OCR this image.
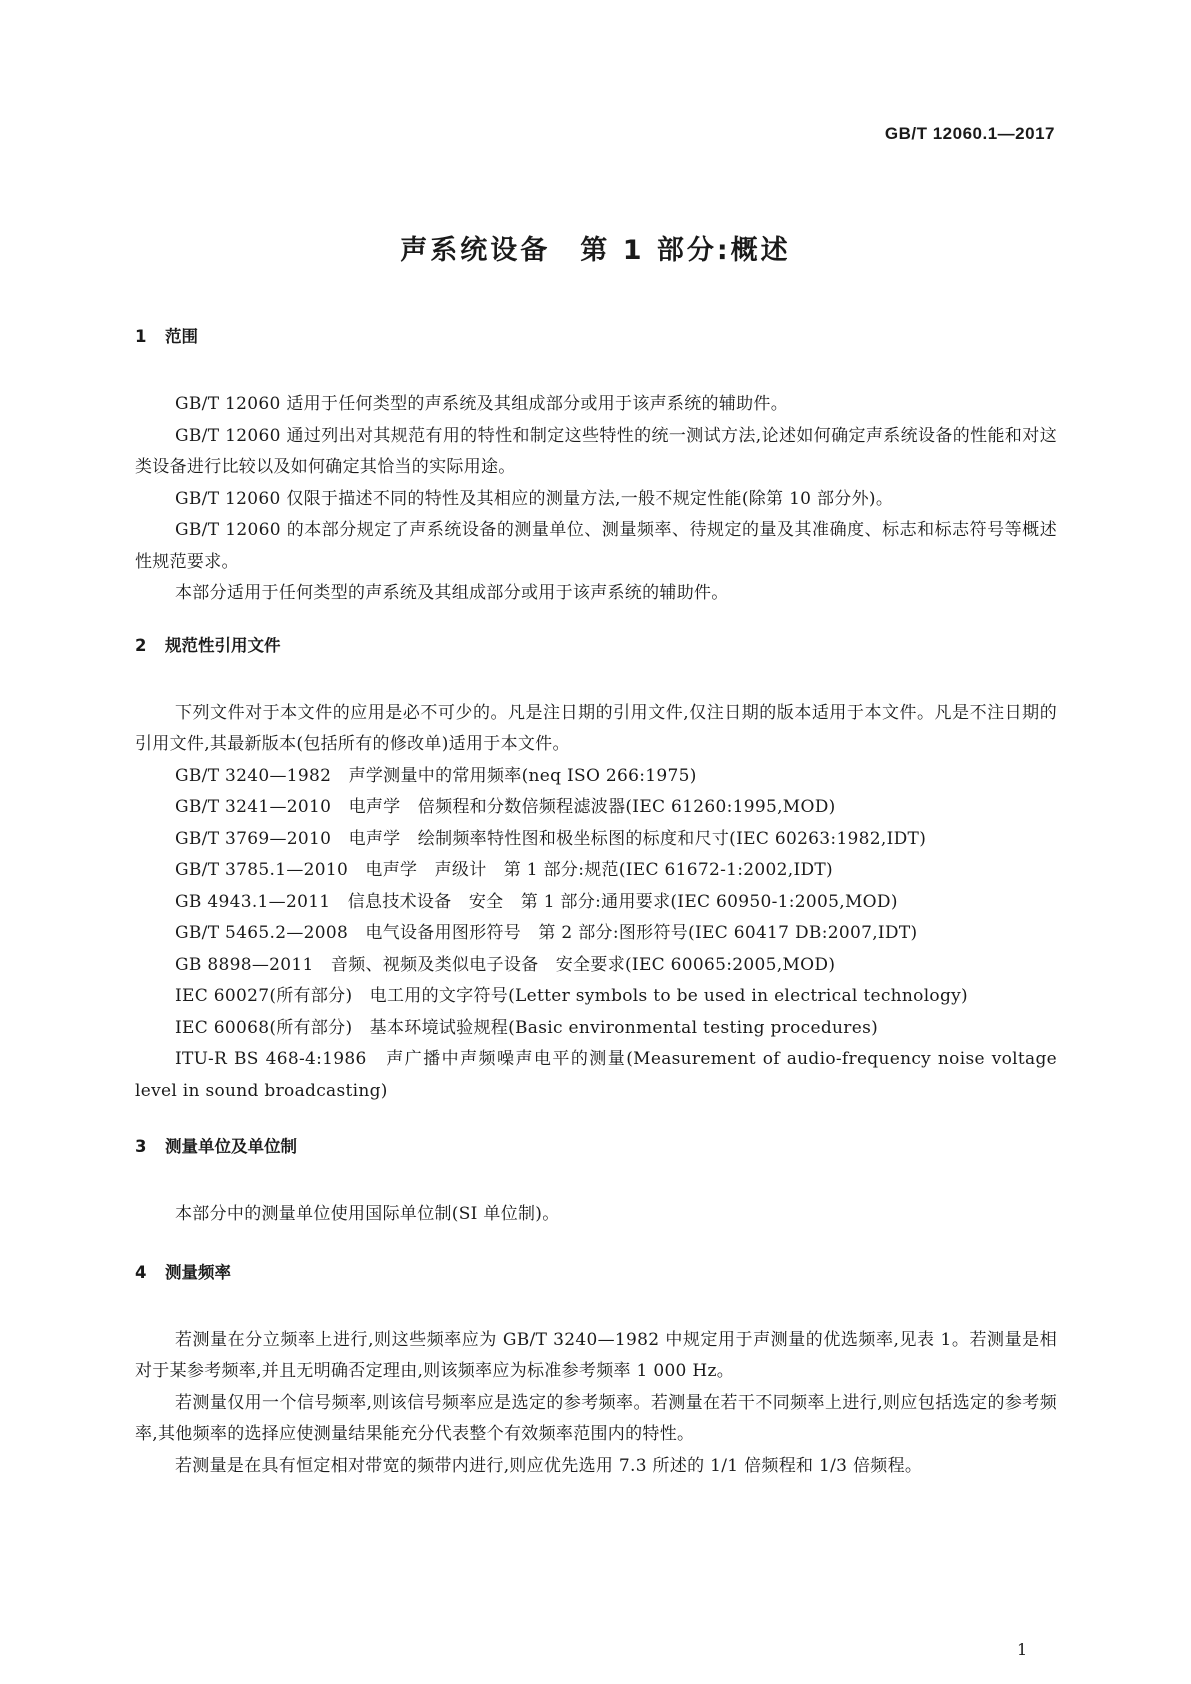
GB/T 12060.1—2017
声系统设备　第 1 部分:概述
1 范围

GB/T 12060 适用于任何类型的声系统及其组成部分或用于该声系统的辅助件。

GB/T 12060 通过列出对其规范有用的特性和制定这些特性的统一测试方法,论述如何确定声系统设备的性能和对这类设备进行比较以及如何确定其恰当的实际用途。

GB/T 12060 仅限于描述不同的特性及其相应的测量方法,一般不规定性能(除第 10 部分外)。

GB/T 12060 的本部分规定了声系统设备的测量单位、测量频率、待规定的量及其准确度、标志和标志符号等概述性规范要求。

本部分适用于任何类型的声系统及其组成部分或用于该声系统的辅助件。

2 规范性引用文件

下列文件对于本文件的应用是必不可少的。凡是注日期的引用文件,仅注日期的版本适用于本文件。凡是不注日期的引用文件,其最新版本(包括所有的修改单)适用于本文件。

GB/T 3240—1982　声学测量中的常用频率(neq ISO 266:1975)

GB/T 3241—2010　电声学　倍频程和分数倍频程滤波器(IEC 61260:1995,MOD)

GB/T 3769—2010　电声学　绘制频率特性图和极坐标图的标度和尺寸(IEC 60263:1982,IDT)

GB/T 3785.1—2010　电声学　声级计　第 1 部分:规范(IEC 61672-1:2002,IDT)

GB 4943.1—2011　信息技术设备　安全　第 1 部分:通用要求(IEC 60950-1:2005,MOD)

GB/T 5465.2—2008　电气设备用图形符号　第 2 部分:图形符号(IEC 60417 DB:2007,IDT)

GB 8898—2011　音频、视频及类似电子设备　安全要求(IEC 60065:2005,MOD)

IEC 60027(所有部分)　电工用的文字符号(Letter symbols to be used in electrical technology)

IEC 60068(所有部分)　基本环境试验规程(Basic environmental testing procedures)

ITU-R BS 468-4:1986　声广播中声频噪声电平的测量(Measurement of audio-frequency noise voltage level in sound broadcasting)

3 测量单位及单位制

本部分中的测量单位使用国际单位制(SI 单位制)。

4 测量频率

若测量在分立频率上进行,则这些频率应为 GB/T 3240—1982 中规定用于声测量的优选频率,见表 1。若测量是相对于某参考频率,并且无明确否定理由,则该频率应为标准参考频率 1 000 Hz。

若测量仅用一个信号频率,则该信号频率应是选定的参考频率。若测量在若干不同频率上进行,则应包括选定的参考频率,其他频率的选择应使测量结果能充分代表整个有效频率范围内的特性。

若测量是在具有恒定相对带宽的频带内进行,则应优先选用 7.3 所述的 1/1 倍频程和 1/3 倍频程。

1
